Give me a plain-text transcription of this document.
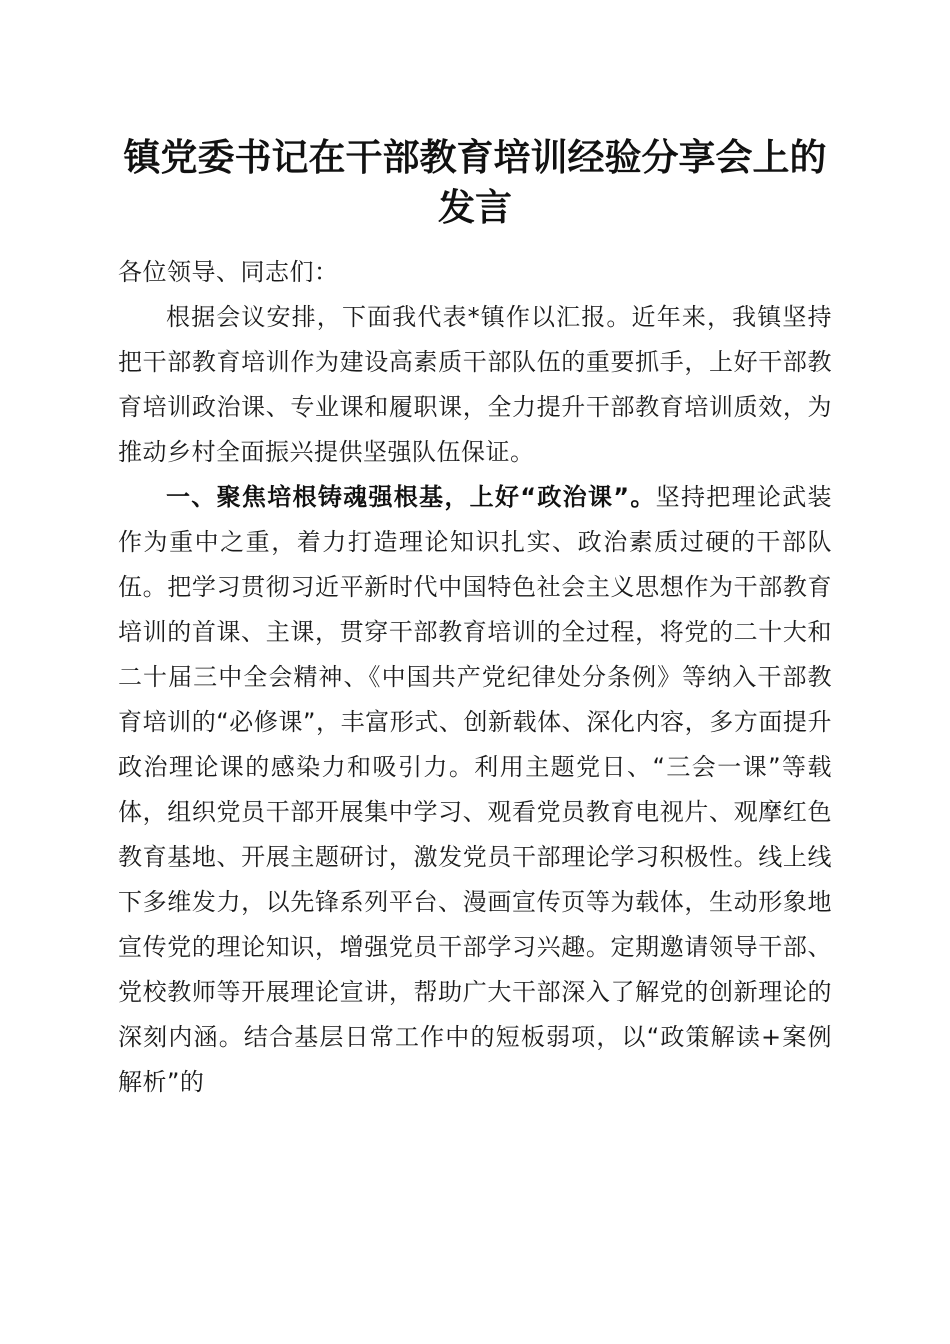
镇党委书记在干部教育培训经验分享会上的发言

各位领导、同志们：

根据会议安排，下面我代表*镇作以汇报。近年来，我镇坚持把干部教育培训作为建设高素质干部队伍的重要抓手，上好干部教育培训政治课、专业课和履职课，全力提升干部教育培训质效，为推动乡村全面振兴提供坚强队伍保证。

一、聚焦培根铸魂强根基，上好“政治课”。坚持把理论武装作为重中之重，着力打造理论知识扎实、政治素质过硬的干部队伍。把学习贯彻习近平新时代中国特色社会主义思想作为干部教育培训的首课、主课，贯穿干部教育培训的全过程，将党的二十大和二十届三中全会精神、《中国共产党纪律处分条例》等纳入干部教育培训的“必修课”，丰富形式、创新载体、深化内容，多方面提升政治理论课的感染力和吸引力。利用主题党日、“三会一课”等载体，组织党员干部开展集中学习、观看党员教育电视片、观摩红色教育基地、开展主题研讨，激发党员干部理论学习积极性。线上线下多维发力，以先锋系列平台、漫画宣传页等为载体，生动形象地宣传党的理论知识，增强党员干部学习兴趣。定期邀请领导干部、党校教师等开展理论宣讲，帮助广大干部深入了解党的创新理论的深刻内涵。结合基层日常工作中的短板弱项，以“政策解读+案例解析”的
